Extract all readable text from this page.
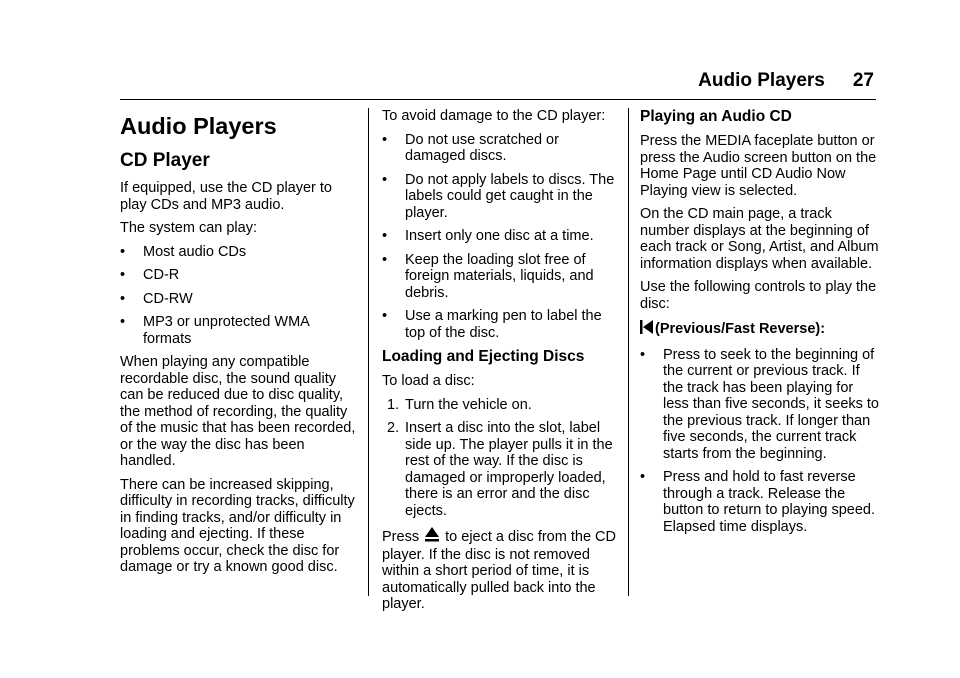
Audio Players 27
Audio Players
CD Player

If equipped, use the CD player to play CDs and MP3 audio.

The system can play:

• Most audio CDs
• CD-R
• CD-RW
• MP3 or unprotected WMA formats

When playing any compatible recordable disc, the sound quality can be reduced due to disc quality, the method of recording, the quality of the music that has been recorded, or the way the disc has been handled.

There can be increased skipping, difficulty in recording tracks, difficulty in finding tracks, and/or difficulty in loading and ejecting. If these problems occur, check the disc for damage or try a known good disc.

To avoid damage to the CD player:

• Do not use scratched or damaged discs.
• Do not apply labels to discs. The labels could get caught in the player.
• Insert only one disc at a time.
• Keep the loading slot free of foreign materials, liquids, and debris.
• Use a marking pen to label the top of the disc.
Loading and Ejecting Discs

To load a disc:

1. Turn the vehicle on.
2. Insert a disc into the slot, label side up. The player pulls it in the rest of the way. If the disc is damaged or improperly loaded, there is an error and the disc ejects.

Press to eject a disc from the CD player. If the disc is not removed within a short period of time, it is automatically pulled back into the player.

Playing an Audio CD

Press the MEDIA faceplate button or press the Audio screen button on the Home Page until CD Audio Now Playing view is selected.

On the CD main page, a track number displays at the beginning of each track or Song, Artist, and Album information displays when available.

Use the following controls to play the disc:

(Previous/Fast Reverse):

• Press to seek to the beginning of the current or previous track. If the track has been playing for less than five seconds, it seeks to the previous track. If longer than five seconds, the current track starts from the beginning.
• Press and hold to fast reverse through a track. Release the button to return to playing speed. Elapsed time displays.
